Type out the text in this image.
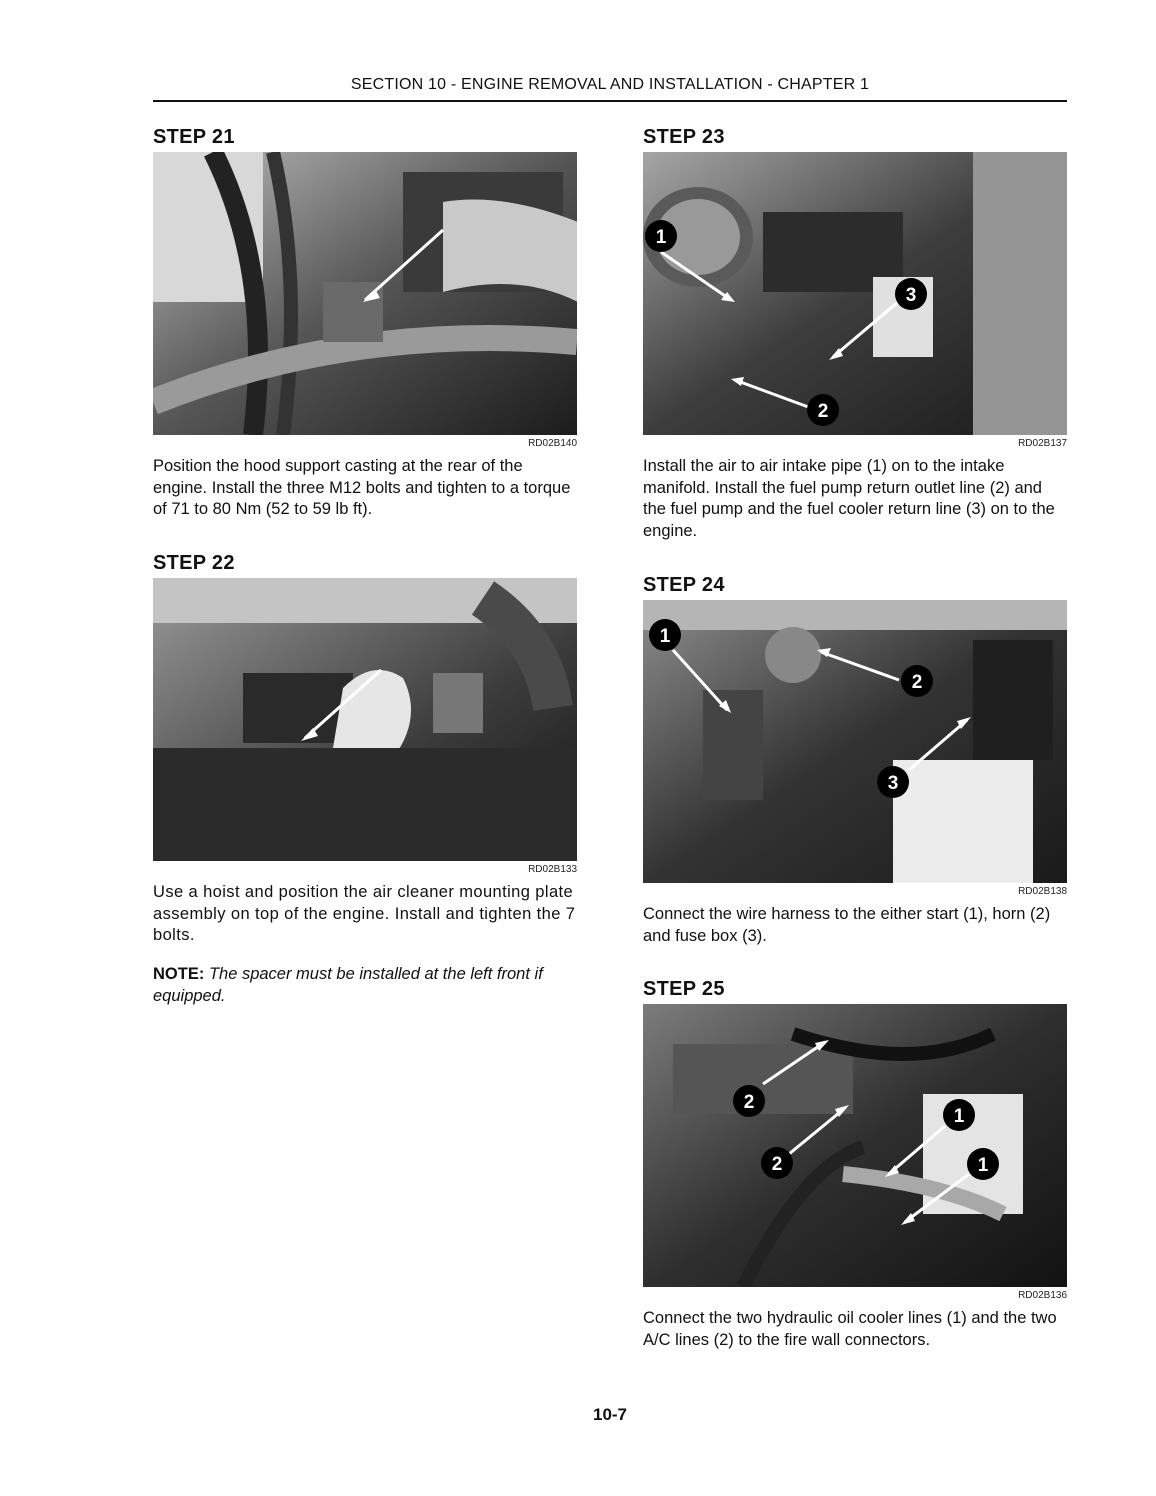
SECTION 10 - ENGINE REMOVAL AND INSTALLATION - CHAPTER 1
STEP 21
RD02B140
Position the hood support casting at the rear of the engine. Install the three M12 bolts and tighten to a torque of 71 to 80 Nm (52 to 59 lb ft).
STEP 22
RD02B133
Use a hoist and position the air cleaner mounting plate assembly on top of the engine. Install and tighten the 7 bolts.
NOTE: The spacer must be installed at the left front if equipped.
STEP 23
1
3
2
RD02B137
Install the air to air intake pipe (1) on to the intake manifold. Install the fuel pump return outlet line (2) and the fuel pump and the fuel cooler return line (3) on to the engine.
STEP 24
1
2
3
RD02B138
Connect the wire harness to the either start (1), horn (2) and fuse box (3).
STEP 25
2
1
2	1
RD02B136
Connect the two hydraulic oil cooler lines (1) and the two A/C lines (2) to the fire wall connectors.
10-7
